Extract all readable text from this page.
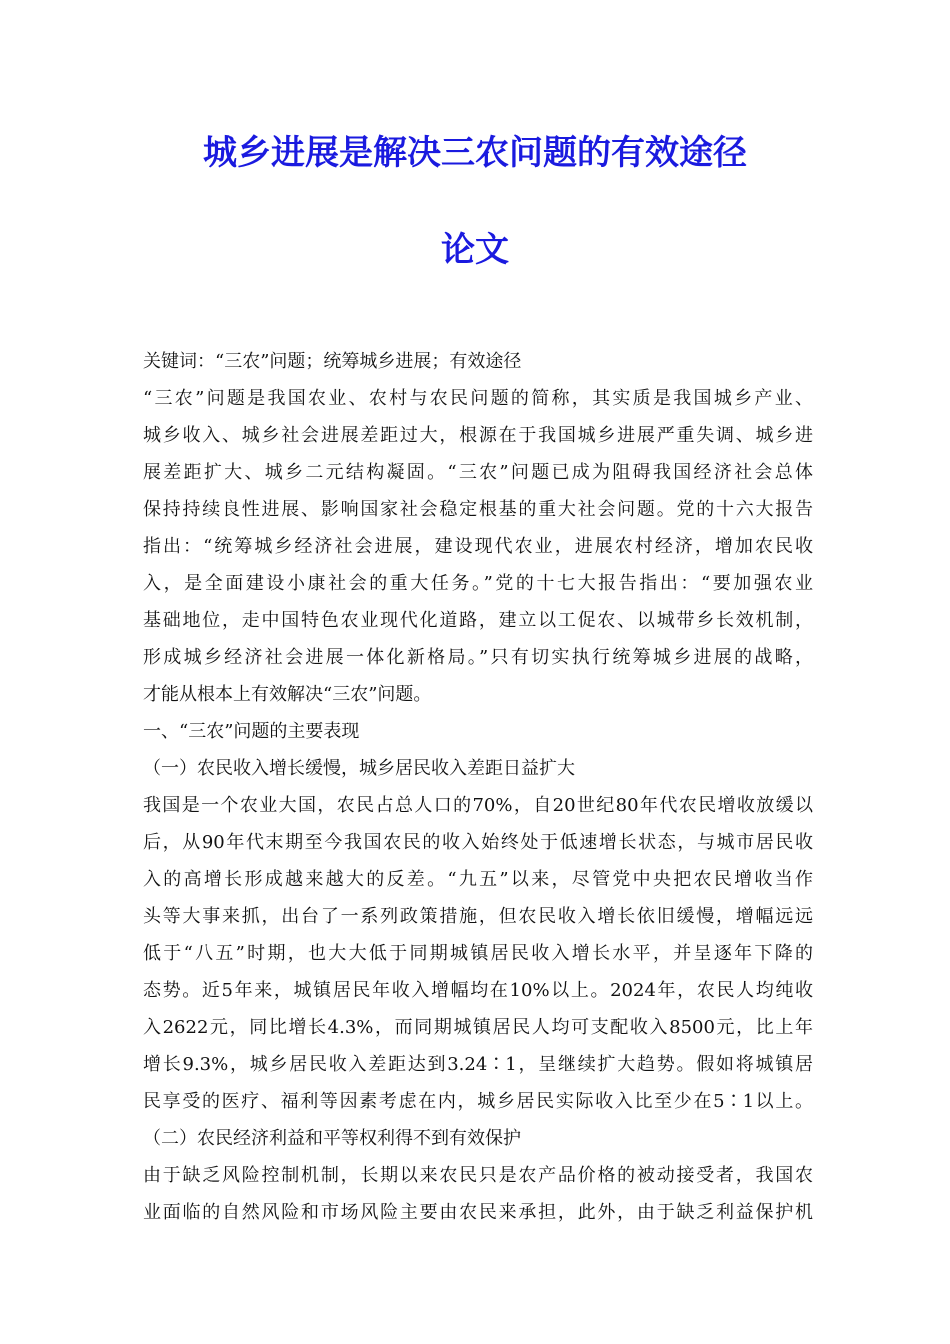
城乡进展是解决三农问题的有效途径
论文
关键词：“三农”问题；统筹城乡进展；有效途径
“三农”问题是我国农业、农村与农民问题的简称，其实质是我国城乡产业、
城乡收入、城乡社会进展差距过大，根源在于我国城乡进展严重失调、城乡进
展差距扩大、城乡二元结构凝固。“三农”问题已成为阻碍我国经济社会总体
保持持续良性进展、影响国家社会稳定根基的重大社会问题。党的十六大报告
指出：“统筹城乡经济社会进展，建设现代农业，进展农村经济，增加农民收
入，是全面建设小康社会的重大任务。”党的十七大报告指出：“要加强农业
基础地位，走中国特色农业现代化道路，建立以工促农、以城带乡长效机制，
形成城乡经济社会进展一体化新格局。”只有切实执行统筹城乡进展的战略，
才能从根本上有效解决“三农”问题。
一、“三农”问题的主要表现
（一）农民收入增长缓慢，城乡居民收入差距日益扩大
我国是一个农业大国，农民占总人口的70%，自20世纪80年代农民增收放缓以
后，从90年代末期至今我国农民的收入始终处于低速增长状态，与城市居民收
入的高增长形成越来越大的反差。“九五”以来，尽管党中央把农民增收当作
头等大事来抓，出台了一系列政策措施，但农民收入增长依旧缓慢，增幅远远
低于“八五”时期，也大大低于同期城镇居民收入增长水平，并呈逐年下降的
态势。近5年来，城镇居民年收入增幅均在10%以上。2024年，农民人均纯收
入2622元，同比增长4.3%，而同期城镇居民人均可支配收入8500元，比上年
增长9.3%，城乡居民收入差距达到3.24∶1，呈继续扩大趋势。假如将城镇居
民享受的医疗、福利等因素考虑在内，城乡居民实际收入比至少在5∶1以上。
（二）农民经济利益和平等权利得不到有效保护
由于缺乏风险控制机制，长期以来农民只是农产品价格的被动接受者，我国农
业面临的自然风险和市场风险主要由农民来承担，此外，由于缺乏利益保护机
